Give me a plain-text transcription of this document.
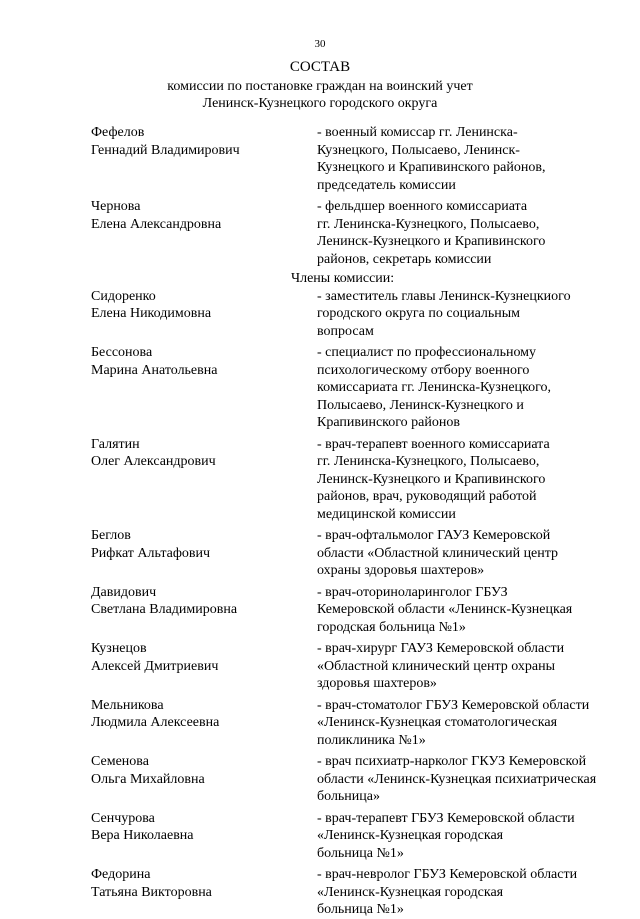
30
СОСТАВ
комиссии по постановке граждан на воинский учет
Ленинск-Кузнецкого городского округа
Фефелов
Геннадий Владимирович
- военный комиссар гг. Ленинска-
Кузнецкого, Полысаево, Ленинск-
Кузнецкого и Крапивинского районов,
председатель комиссии
Чернова
Елена Александровна
- фельдшер военного комиссариата
гг. Ленинска-Кузнецкого, Полысаево,
Ленинск-Кузнецкого и Крапивинского
районов, секретарь комиссии
Члены комиссии:
Сидоренко
Елена Никодимовна
- заместитель главы Ленинск-Кузнецкиого
городского округа по социальным
вопросам
Бессонова
Марина Анатольевна
- специалист по профессиональному
психологическому отбору военного
комиссариата гг. Ленинска-Кузнецкого,
Полысаево, Ленинск-Кузнецкого и
Крапивинского районов
Галятин
Олег Александрович
- врач-терапевт военного комиссариата
гг. Ленинска-Кузнецкого, Полысаево,
Ленинск-Кузнецкого и Крапивинского
районов, врач, руководящий работой
медицинской комиссии
Беглов
Рифкат Альтафович
- врач-офтальмолог ГАУЗ Кемеровской
области «Областной клинический центр
охраны здоровья шахтеров»
Давидович
Светлана Владимировна
- врач-оториноларинголог ГБУЗ
Кемеровской области «Ленинск-Кузнецкая
городская больница №1»
Кузнецов
Алексей Дмитриевич
- врач-хирург ГАУЗ Кемеровской области
«Областной клинический центр охраны
здоровья шахтеров»
Мельникова
Людмила Алексеевна
- врач-стоматолог ГБУЗ Кемеровской области
«Ленинск-Кузнецкая стоматологическая
поликлиника №1»
Семенова
Ольга Михайловна
- врач психиатр-нарколог ГКУЗ Кемеровской
области «Ленинск-Кузнецкая психиатрическая
больница»
Сенчурова
Вера Николаевна
- врач-терапевт ГБУЗ Кемеровской области
«Ленинск-Кузнецкая городская
больница №1»
Федорина
Татьяна Викторовна
- врач-невролог ГБУЗ Кемеровской области
«Ленинск-Кузнецкая городская
больница №1»
